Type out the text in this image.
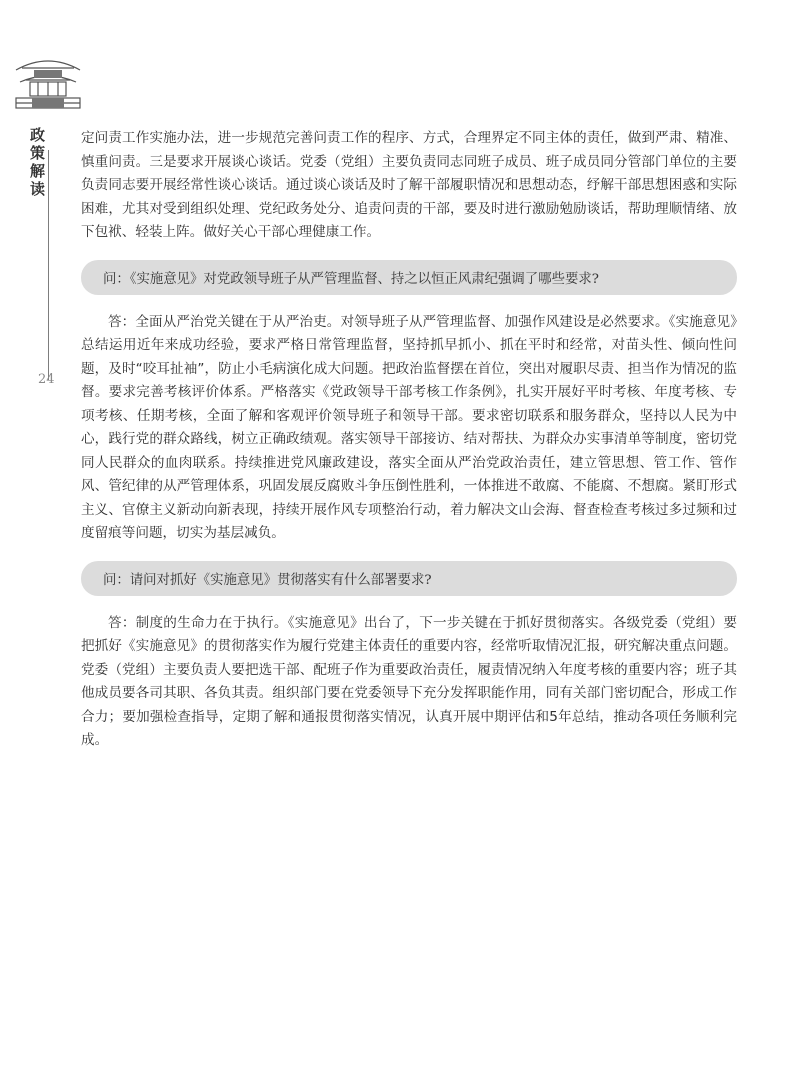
政策解读
24

定问责工作实施办法，进一步规范完善问责工作的程序、方式，合理界定不同主体的责任，做到严肃、精准、慎重问责。三是要求开展谈心谈话。党委（党组）主要负责同志同班子成员、班子成员同分管部门单位的主要负责同志要开展经常性谈心谈话。通过谈心谈话及时了解干部履职情况和思想动态，纾解干部思想困惑和实际困难，尤其对受到组织处理、党纪政务处分、追责问责的干部，要及时进行激励勉励谈话，帮助理顺情绪、放下包袱、轻装上阵。做好关心干部心理健康工作。

问：《实施意见》对党政领导班子从严管理监督、持之以恒正风肃纪强调了哪些要求?

答：全面从严治党关键在于从严治吏。对领导班子从严管理监督、加强作风建设是必然要求。《实施意见》总结运用近年来成功经验，要求严格日常管理监督，坚持抓早抓小、抓在平时和经常，对苗头性、倾向性问题，及时“咬耳扯袖”，防止小毛病演化成大问题。把政治监督摆在首位，突出对履职尽责、担当作为情况的监督。要求完善考核评价体系。严格落实《党政领导干部考核工作条例》，扎实开展好平时考核、年度考核、专项考核、任期考核，全面了解和客观评价领导班子和领导干部。要求密切联系和服务群众，坚持以人民为中心，践行党的群众路线，树立正确政绩观。落实领导干部接访、结对帮扶、为群众办实事清单等制度，密切党同人民群众的血肉联系。持续推进党风廉政建设，落实全面从严治党政治责任，建立管思想、管工作、管作风、管纪律的从严管理体系，巩固发展反腐败斗争压倒性胜利，一体推进不敢腐、不能腐、不想腐。紧盯形式主义、官僚主义新动向新表现，持续开展作风专项整治行动，着力解决文山会海、督查检查考核过多过频和过度留痕等问题，切实为基层减负。

问：请问对抓好《实施意见》贯彻落实有什么部署要求?

答：制度的生命力在于执行。《实施意见》出台了，下一步关键在于抓好贯彻落实。各级党委（党组）要把抓好《实施意见》的贯彻落实作为履行党建主体责任的重要内容，经常听取情况汇报，研究解决重点问题。党委（党组）主要负责人要把选干部、配班子作为重要政治责任，履责情况纳入年度考核的重要内容；班子其他成员要各司其职、各负其责。组织部门要在党委领导下充分发挥职能作用，同有关部门密切配合，形成工作合力；要加强检查指导，定期了解和通报贯彻落实情况，认真开展中期评估和5年总结，推动各项任务顺利完成。
